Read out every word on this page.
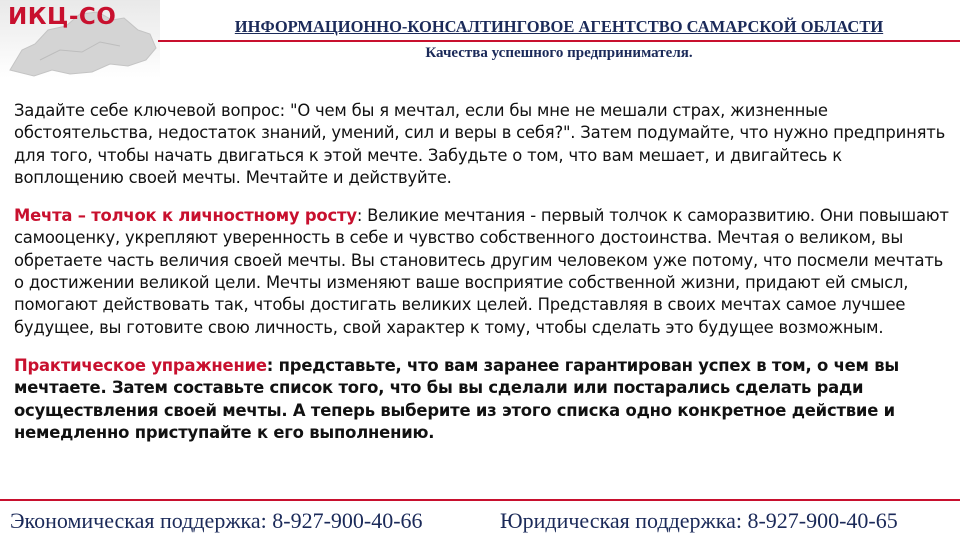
ИКЦ-СО	ИНФОРМАЦИОННО-КОНСАЛТИНГОВОЕ АГЕНТСТВО САМАРСКОЙ ОБЛАСТИ
Качества успешного предпринимателя.

Задайте себе ключевой вопрос: "О чем бы я мечтал, если бы мне не мешали страх, жизненные обстоятельства, недостаток знаний, умений, сил и веры в себя?". Затем подумайте, что нужно предпринять для того, чтобы начать двигаться к этой мечте. Забудьте о том, что вам мешает, и двигайтесь к воплощению своей мечты. Мечтайте и действуйте.

Мечта – толчок к личностному росту: Великие мечтания - первый толчок к саморазвитию. Они повышают самооценку, укрепляют уверенность в себе и чувство собственного достоинства. Мечтая о великом, вы обретаете часть величия своей мечты. Вы становитесь другим человеком уже потому, что посмели мечтать о достижении великой цели. Мечты изменяют ваше восприятие собственной жизни, придают ей смысл, помогают действовать так, чтобы достигать великих целей. Представляя в своих мечтах самое лучшее будущее, вы готовите свою личность, свой характер к тому, чтобы сделать это будущее возможным.

Практическое упражнение: представьте, что вам заранее гарантирован успех в том, о чем вы мечтаете. Затем составьте список того, что бы вы сделали или постарались сделать ради осуществления своей мечты. А теперь выберите из этого списка одно конкретное действие и немедленно приступайте к его выполнению.

Экономическая поддержка: 8-927-900-40-66	Юридическая поддержка: 8-927-900-40-65
